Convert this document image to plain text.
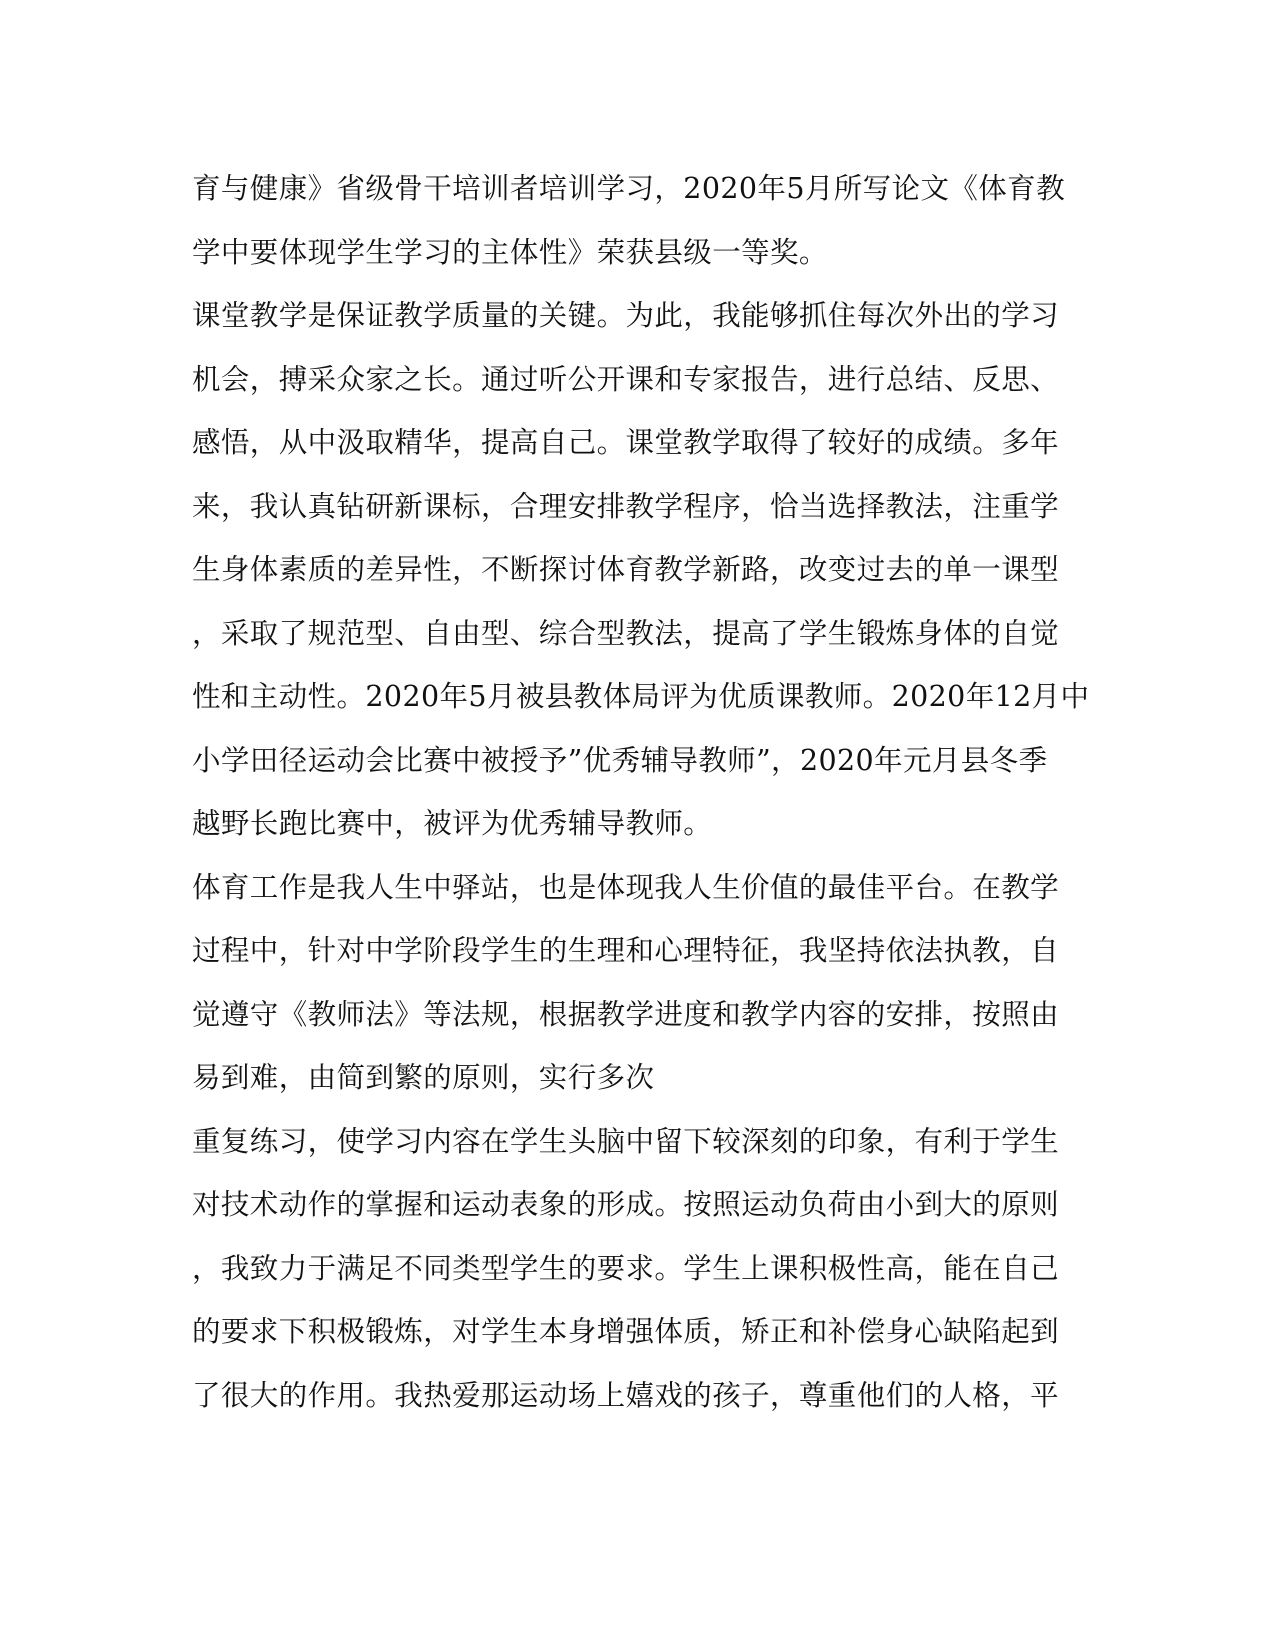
育与健康》省级骨干培训者培训学习，2020年5月所写论文《体育教
学中要体现学生学习的主体性》荣获县级一等奖。
课堂教学是保证教学质量的关键。为此，我能够抓住每次外出的学习
机会，搏采众家之长。通过听公开课和专家报告，进行总结、反思、
感悟，从中汲取精华，提高自己。课堂教学取得了较好的成绩。多年
来，我认真钻研新课标，合理安排教学程序，恰当选择教法，注重学
生身体素质的差异性，不断探讨体育教学新路，改变过去的单一课型
，采取了规范型、自由型、综合型教法，提高了学生锻炼身体的自觉
性和主动性。2020年5月被县教体局评为优质课教师。2020年12月中
小学田径运动会比赛中被授予”优秀辅导教师”，2020年元月县冬季
越野长跑比赛中，被评为优秀辅导教师。
体育工作是我人生中驿站，也是体现我人生价值的最佳平台。在教学
过程中，针对中学阶段学生的生理和心理特征，我坚持依法执教，自
觉遵守《教师法》等法规，根据教学进度和教学内容的安排，按照由
易到难，由简到繁的原则，实行多次
重复练习，使学习内容在学生头脑中留下较深刻的印象，有利于学生
对技术动作的掌握和运动表象的形成。按照运动负荷由小到大的原则
，我致力于满足不同类型学生的要求。学生上课积极性高，能在自己
的要求下积极锻炼，对学生本身增强体质，矫正和补偿身心缺陷起到
了很大的作用。我热爱那运动场上嬉戏的孩子，尊重他们的人格，平
